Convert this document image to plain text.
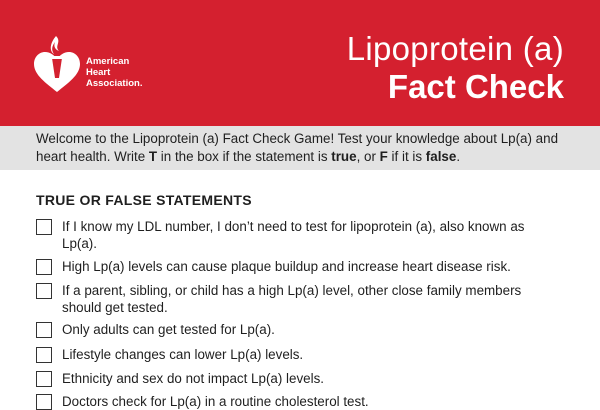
American
Heart
Association.
Lipoprotein (a)
Fact Check
Welcome to the Lipoprotein (a) Fact Check Game! Test your knowledge about Lp(a) and heart health. Write T in the box if the statement is true, or F if it is false.
TRUE OR FALSE STATEMENTS
If I know my LDL number, I don’t need to test for lipoprotein (a), also known as Lp(a).
High Lp(a) levels can cause plaque buildup and increase heart disease risk.
If a parent, sibling, or child has a high Lp(a) level, other close family members should get tested.
Only adults can get tested for Lp(a).
Lifestyle changes can lower Lp(a) levels.
Ethnicity and sex do not impact Lp(a) levels.
Doctors check for Lp(a) in a routine cholesterol test.
